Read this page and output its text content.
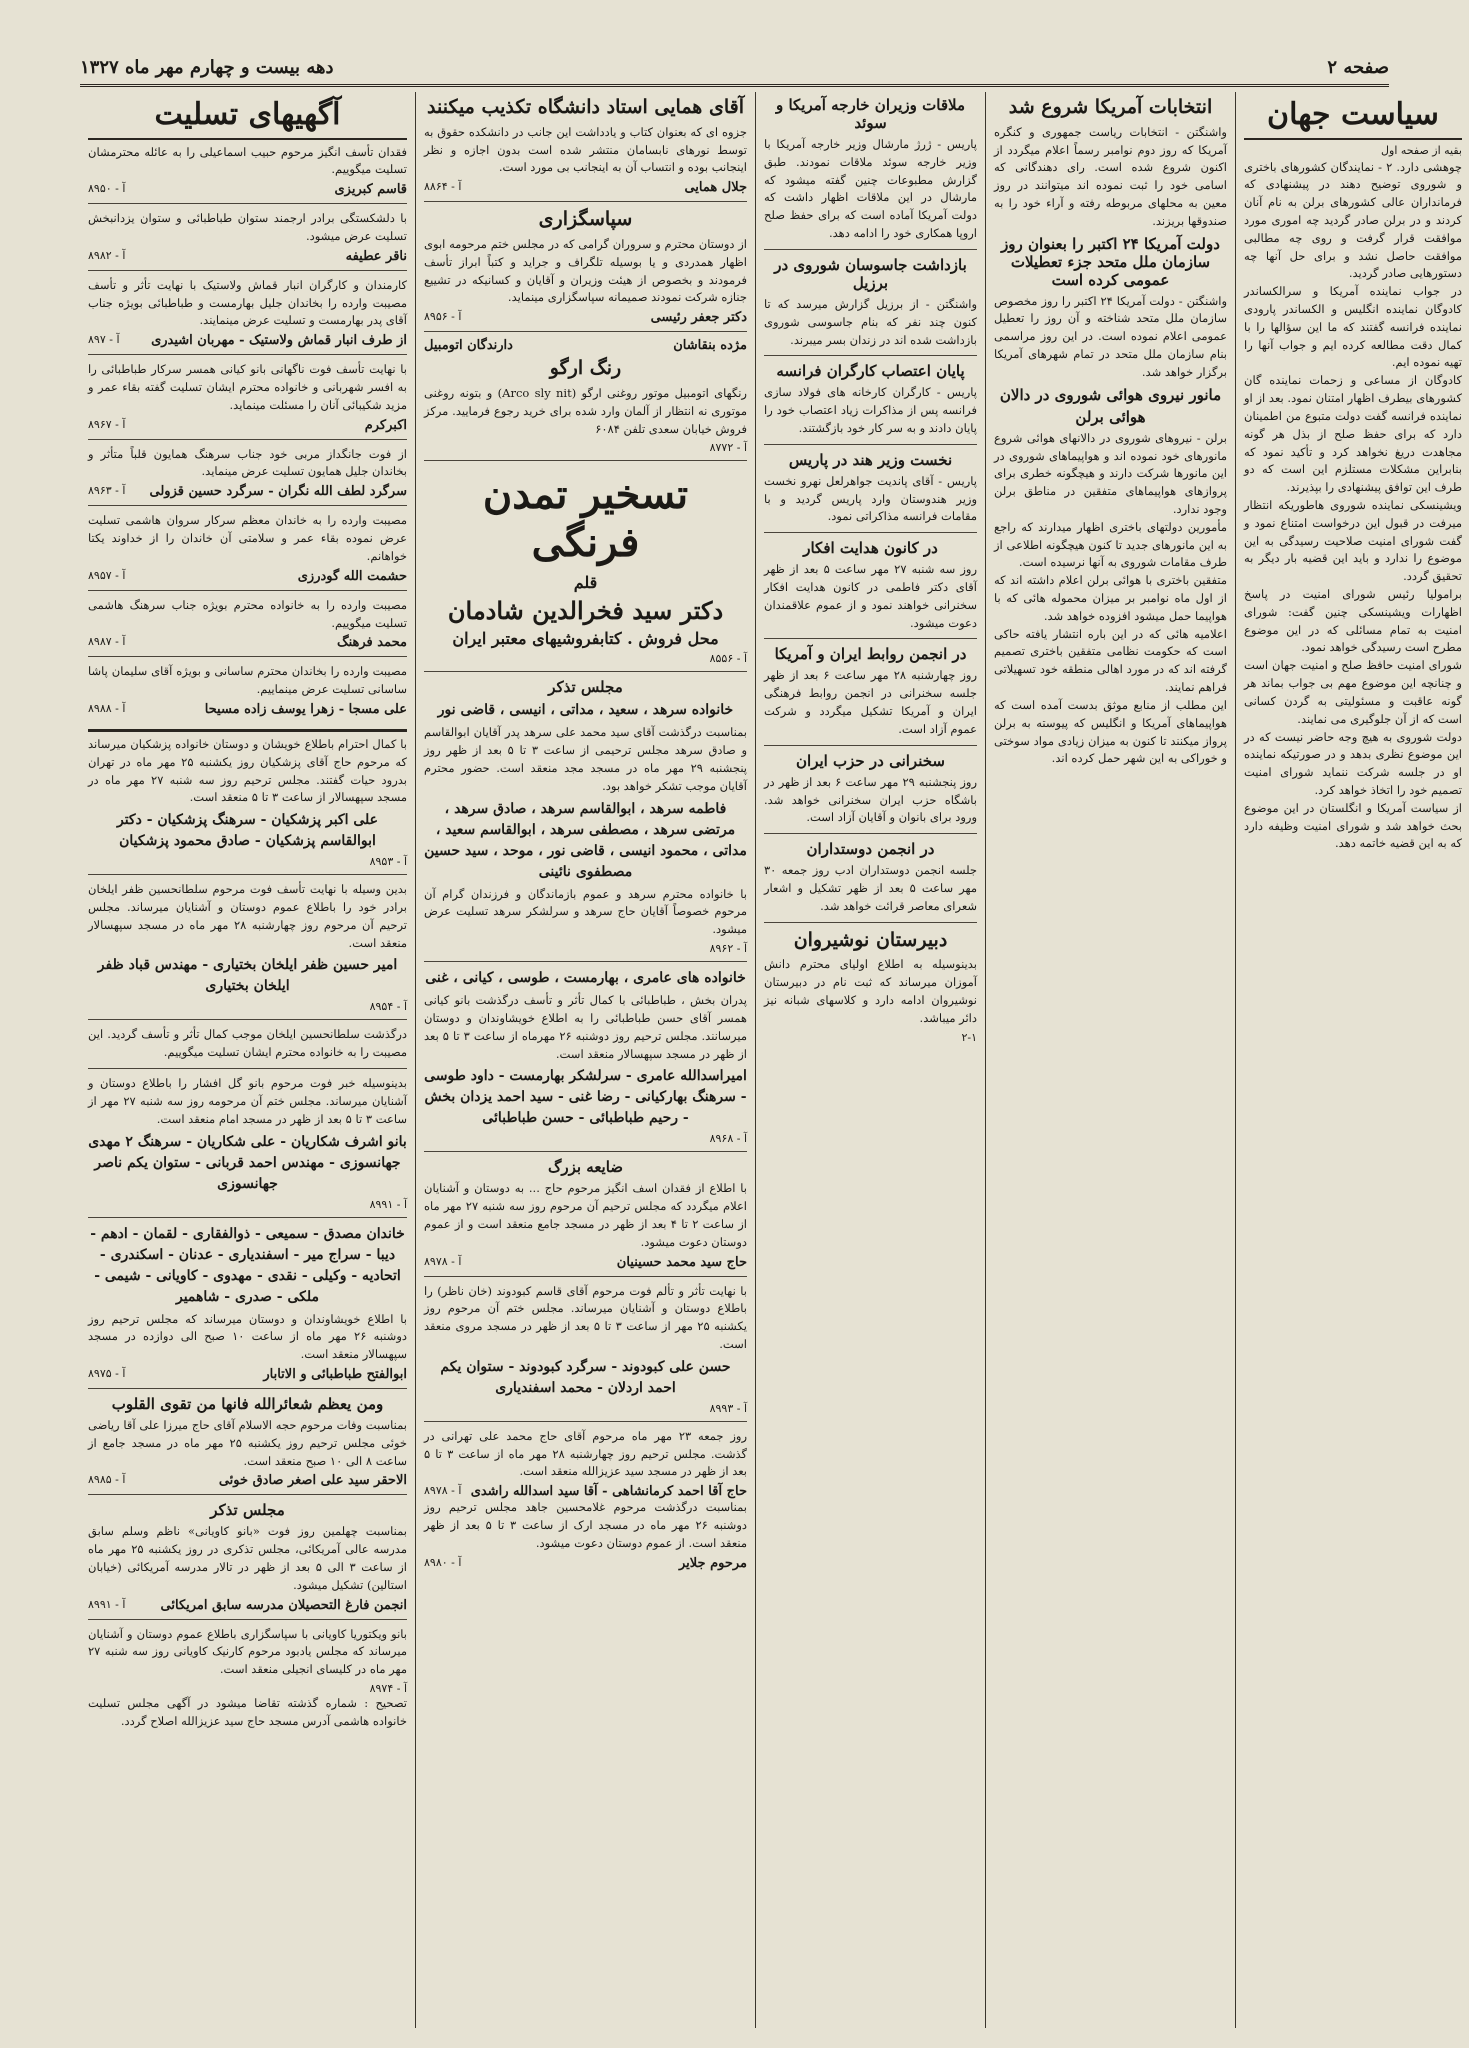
صفحه ۲
دهه بیست و چهارم مهر ماه ۱۳۲۷
سیاست جهان
بقیه از صفحه اول

چوهشی دارد. ۲ - نمایندگان کشورهای باختری و شوروی توضیح دهند در پیشنهادی که فرمانداران عالی کشورهای برلن به نام آنان کردند و در برلن صادر گردید چه اموری مورد موافقت قرار گرفت و روی چه مطالبی موافقت حاصل نشد و برای حل آنها چه دستورهایی صادر گردید.

در جواب نماینده آمریکا و سرالکساندر کادوگان نماینده انگلیس و الکساندر پارودی نماینده فرانسه گفتند که ما این سؤالها را با کمال دقت مطالعه کرده ایم و جواب آنها را تهیه نموده ایم.

کادوگان از مساعی و زحمات نماینده گان کشورهای بیطرف اظهار امتنان نمود. بعد از او نماینده فرانسه گفت دولت متبوع من اطمینان دارد که برای حفظ صلح از بذل هر گونه مجاهدت دریغ نخواهد کرد و تأکید نمود که بنابراین مشکلات مستلزم این است که دو طرف این توافق پیشنهادی را بپذیرند.

ویشینسکی نماینده شوروی هاطوریکه انتظار میرفت در قبول این درخواست امتناع نمود و گفت شورای امنیت صلاحیت رسیدگی به این موضوع را ندارد و باید این قضیه بار دیگر به تحقیق گردد.

برامولیا رئیس شورای امنیت در پاسخ اظهارات ویشینسکی چنین گفت: شورای امنیت به تمام مسائلی که در این موضوع مطرح است رسیدگی خواهد نمود.

شورای امنیت حافظ صلح و امنیت جهان است و چنانچه این موضوع مهم بی جواب بماند هر گونه عاقبت و مسئولیتی به گردن کسانی است که از آن جلوگیری می نمایند.

دولت شوروی به هیچ وجه حاضر نیست که در این موضوع نظری بدهد و در صورتیکه نماینده او در جلسه شرکت ننماید شورای امنیت تصمیم خود را اتخاذ خواهد کرد.

از سیاست آمریکا و انگلستان در این موضوع بحث خواهد شد و شورای امنیت وظیفه دارد که به این قضیه خاتمه دهد.

انتخابات آمریکا شروع شد

واشنگتن - انتخابات ریاست جمهوری و کنگره آمریکا که روز دوم نوامبر رسماً اعلام میگردد از اکنون شروع شده است. رای دهندگانی که اسامی خود را ثبت نموده اند میتوانند در روز معین به محلهای مربوطه رفته و آراء خود را به صندوقها بریزند.

دولت آمریکا ۲۴ اکتبر را بعنوان روز سازمان ملل متحد جزء تعطیلات عمومی کرده است

واشنگتن - دولت آمریکا ۲۴ اکتبر را روز مخصوص سازمان ملل متحد شناخته و آن روز را تعطیل عمومی اعلام نموده است. در این روز مراسمی بنام سازمان ملل متحد در تمام شهرهای آمریکا برگزار خواهد شد.

مانور نیروی هوائی شوروی در دالان
هوائی برلن

برلن - نیروهای شوروی در دالانهای هوائی شروع مانورهای خود نموده اند و هواپیماهای شوروی در این مانورها شرکت دارند و هیچگونه خطری برای پروازهای هواپیماهای متفقین در مناطق برلن وجود ندارد.

مأمورین دولتهای باختری اظهار میدارند که راجع به این مانورهای جدید تا کنون هیچگونه اطلاعی از طرف مقامات شوروی به آنها نرسیده است.

متفقین باختری با هوائی برلن اعلام داشته اند که از اول ماه نوامبر بر میزان محموله هائی که با هواپیما حمل میشود افزوده خواهد شد.

اعلامیه هائی که در این باره انتشار یافته حاکی است که حکومت نظامی متفقین باختری تصمیم گرفته اند که در مورد اهالی منطقه خود تسهیلاتی فراهم نمایند.

این مطلب از منابع موثق بدست آمده است که هواپیماهای آمریکا و انگلیس که پیوسته به برلن پرواز میکنند تا کنون به میزان زیادی مواد سوختی و خوراکی به این شهر حمل کرده اند.

ملاقات وزیران خارجه آمریکا و سوئد

پاریس - ژرژ مارشال وزیر خارجه آمریکا با وزیر خارجه سوئد ملاقات نمودند. طبق گزارش مطبوعات چنین گفته میشود که مارشال در این ملاقات اظهار داشت که دولت آمریکا آماده است که برای حفظ صلح اروپا همکاری خود را ادامه دهد.

بازداشت جاسوسان شوروی در برزیل

واشنگتن - از برزیل گزارش میرسد که تا کنون چند نفر که بنام جاسوسی شوروی بازداشت شده اند در زندان بسر میبرند.

پایان اعتصاب کارگران فرانسه

پاریس - کارگران کارخانه های فولاد سازی فرانسه پس از مذاکرات زیاد اعتصاب خود را پایان دادند و به سر کار خود بازگشتند.

نخست وزیر هند در پاریس

پاریس - آقای پاندیت جواهرلعل نهرو نخست وزیر هندوستان وارد پاریس گردید و با مقامات فرانسه مذاکراتی نمود.

در کانون هدایت افکار

روز سه شنبه ۲۷ مهر ساعت ۵ بعد از ظهر آقای دکتر فاطمی در کانون هدایت افکار سخنرانی خواهند نمود و از عموم علاقمندان دعوت میشود.

در انجمن روابط ایران و آمریکا

روز چهارشنبه ۲۸ مهر ساعت ۶ بعد از ظهر جلسه سخنرانی در انجمن روابط فرهنگی ایران و آمریکا تشکیل میگردد و شرکت عموم آزاد است.

سخنرانی در حزب ایران

روز پنجشنبه ۲۹ مهر ساعت ۶ بعد از ظهر در باشگاه حزب ایران سخنرانی خواهد شد. ورود برای بانوان و آقایان آزاد است.

در انجمن دوستداران

جلسه انجمن دوستداران ادب روز جمعه ۳۰ مهر ساعت ۵ بعد از ظهر تشکیل و اشعار شعرای معاصر قرائت خواهد شد.

دبیرستان نوشیروان

بدینوسیله به اطلاع اولیای محترم دانش آموزان میرساند که ثبت نام در دبیرستان نوشیروان ادامه دارد و کلاسهای شبانه نیز دائر میباشد.

۲-۱
آقای همایی استاد دانشگاه تکذیب میکنند

جزوه ای که بعنوان کتاب و یادداشت این جانب در دانشکده حقوق به توسط نورهای نابسامان منتشر شده است بدون اجازه و نظر اینجانب بوده و انتساب آن به اینجانب بی مورد است.

جلال همایی
۸۸۶۴ - آ
سپاسگزاری

از دوستان محترم و سروران گرامی که در مجلس ختم مرحومه ابوی اظهار همدردی و یا بوسیله تلگراف و جراید و کتباً ابراز تأسف فرمودند و بخصوص از هیئت وزیران و آقایان و کسانیکه در تشییع جنازه شرکت نمودند صمیمانه سپاسگزاری مینماید.

دکتر جعفر رئیسی
۸۹۵۶ - آ
مژده بنقاشان
دارندگان اتومبیل
رنگ ارگو

رنگهای اتومبیل موتور روغنی ارگو (Arco sly nit) و بتونه روغنی موتوری نه انتظار از آلمان وارد شده برای خرید رجوع فرمایید. مرکز فروش خیابان سعدی تلفن ۶۰۸۴

۸۷۷۲ - آ
تسخیر تمدن فرنگی
قلم
دکتر سید فخرالدین شادمان
محل فروش . کتابفروشیهای معتبر ایران
۸۵۵۶ - آ
مجلس تذکر
خانواده سرهد ، سعید ، مداتی ، انیسی ، قاضی نور

بمناسبت درگذشت آقای سید محمد علی سرهد پدر آقایان ابوالقاسم و صادق سرهد مجلس ترحیمی از ساعت ۳ تا ۵ بعد از ظهر روز پنجشنبه ۲۹ مهر ماه در مسجد مجد منعقد است. حضور محترم آقایان موجب تشکر خواهد بود.

فاطمه سرهد ، ابوالقاسم سرهد ، صادق سرهد ، مرتضی سرهد ، مصطفی سرهد ، ابوالقاسم سعید ، مداتی ، محمود انیسی ، قاضی نور ، موحد ، سید حسین مصطفوی نائینی

با خانواده محترم سرهد و عموم بازماندگان و فرزندان گرام آن مرحوم خصوصاً آقایان حاج سرهد و سرلشکر سرهد تسلیت عرض میشود.

۸۹۶۲ - آ
خانواده های عامری ، بهارمست ، طوسی ، کیانی ، غنی

پدران بخش ، طباطبائی با کمال تأثر و تأسف درگذشت بانو کیانی همسر آقای حسن طباطبائی را به اطلاع خویشاوندان و دوستان میرسانند. مجلس ترحیم روز دوشنبه ۲۶ مهرماه از ساعت ۳ تا ۵ بعد از ظهر در مسجد سپهسالار منعقد است.

امیراسدالله عامری - سرلشکر بهارمست - داود طوسی - سرهنگ بهارکیانی - رضا غنی - سید احمد یزدان بخش - رحیم طباطبائی - حسن طباطبائی
۸۹۶۸ - آ
ضایعه بزرگ

با اطلاع از فقدان اسف انگیز مرحوم حاج ... به دوستان و آشنایان اعلام میگردد که مجلس ترحیم آن مرحوم روز سه شنبه ۲۷ مهر ماه از ساعت ۲ تا ۴ بعد از ظهر در مسجد جامع منعقد است و از عموم دوستان دعوت میشود.

حاج سید محمد حسینیان
۸۹۷۸ - آ

با نهایت تأثر و تألم فوت مرحوم آقای قاسم کبودوند (خان ناظر) را باطلاع دوستان و آشنایان میرساند. مجلس ختم آن مرحوم روز یکشنبه ۲۵ مهر از ساعت ۳ تا ۵ بعد از ظهر در مسجد مروی منعقد است.

حسن علی کبودوند - سرگرد کبودوند - ستوان یکم احمد اردلان - محمد اسفندیاری
۸۹۹۳ - آ

روز جمعه ۲۳ مهر ماه مرحوم آقای حاج محمد علی تهرانی در گذشت. مجلس ترحیم روز چهارشنبه ۲۸ مهر ماه از ساعت ۳ تا ۵ بعد از ظهر در مسجد سید عزیزالله منعقد است.

حاج آقا احمد کرمانشاهی - آقا سید اسدالله راشدی
۸۹۷۸ - آ

بمناسبت درگذشت مرحوم غلامحسین جاهد مجلس ترحیم روز دوشنبه ۲۶ مهر ماه در مسجد ارک از ساعت ۳ تا ۵ بعد از ظهر منعقد است. از عموم دوستان دعوت میشود.

مرحوم جلایر
۸۹۸۰ - آ
آگهیهای تسلیت

فقدان تأسف انگیز مرحوم حبیب اسماعیلی را به عائله محترمشان تسلیت میگوییم.

قاسم کبریزی
۸۹۵۰ - آ

با دلشکستگی برادر ارجمند ستوان طباطبائی و ستوان یزدانبخش تسلیت عرض میشود.

ناقر عطیفه
۸۹۸۲ - آ

کارمندان و کارگران انبار قماش ولاستیک با نهایت تأثر و تأسف مصیبت وارده را بخاندان جلیل بهارمست و طباطبائی بویژه جناب آقای پدر بهارمست و تسلیت عرض مینمایند.

از طرف انبار قماش ولاستیک - مهربان اشیدری
۸۹۷ - آ

با نهایت تأسف فوت ناگهانی بانو کیانی همسر سرکار طباطبائی را به افسر شهربانی و خانواده محترم ایشان تسلیت گفته بقاء عمر و مزید شکیبائی آنان را مسئلت مینماید.

اکبرکرم
۸۹۶۷ - آ

از فوت جانگداز مربی خود جناب سرهنگ همایون قلباً متأثر و بخاندان جلیل همایون تسلیت عرض مینماید.

سرگرد لطف الله نگران - سرگرد حسین قزولی
۸۹۶۳ - آ

مصیبت وارده را به خاندان معظم سرکار سروان هاشمی تسلیت عرض نموده بقاء عمر و سلامتی آن خاندان را از خداوند یکتا خواهانم.

حشمت الله گودرزی
۸۹۵۷ - آ

مصیبت وارده را به خانواده محترم بویژه جناب سرهنگ هاشمی تسلیت میگوییم.

محمد فرهنگ
۸۹۸۷ - آ

مصیبت وارده را بخاندان محترم ساسانی و بویژه آقای سلیمان پاشا ساسانی تسلیت عرض مینماییم.

علی مسجا - زهرا یوسف زاده مسیحا
۸۹۸۸ - آ

با کمال احترام باطلاع خویشان و دوستان خانواده پزشکیان میرساند که مرحوم حاج آقای پزشکیان روز یکشنبه ۲۵ مهر ماه در تهران بدرود حیات گفتند. مجلس ترحیم روز سه شنبه ۲۷ مهر ماه در مسجد سپهسالار از ساعت ۳ تا ۵ منعقد است.

علی اکبر پزشکیان - سرهنگ پزشکیان - دکتر ابوالقاسم پزشکیان - صادق محمود پزشکیان
۸۹۵۳ - آ

بدین وسیله با نهایت تأسف فوت مرحوم سلطانحسین ظفر ایلخان برادر خود را باطلاع عموم دوستان و آشنایان میرساند. مجلس ترحیم آن مرحوم روز چهارشنبه ۲۸ مهر ماه در مسجد سپهسالار منعقد است.

امیر حسین ظفر ایلخان بختیاری - مهندس قباد ظفر ایلخان بختیاری
۸۹۵۴ - آ

درگذشت سلطانحسین ایلخان موجب کمال تأثر و تأسف گردید. این مصیبت را به خانواده محترم ایشان تسلیت میگوییم.

بدینوسیله خبر فوت مرحوم بانو گل افشار را باطلاع دوستان و آشنایان میرساند. مجلس ختم آن مرحومه روز سه شنبه ۲۷ مهر از ساعت ۳ تا ۵ بعد از ظهر در مسجد امام منعقد است.

بانو اشرف شکاریان - علی شکاریان - سرهنگ ۲ مهدی جهانسوزی - مهندس احمد قربانی - ستوان یکم ناصر جهانسوزی
۸۹۹۱ - آ
خاندان مصدق - سمیعی - ذوالفقاری - لقمان - ادهم - دیبا - سراج میر - اسفندیاری - عدنان - اسکندری - اتحادیه - وکیلی - نقدی - مهدوی - کاویانی - شیمی - ملکی - صدری - شاهمیر

با اطلاع خویشاوندان و دوستان میرساند که مجلس ترحیم روز دوشنبه ۲۶ مهر ماه از ساعت ۱۰ صبح الی دوازده در مسجد سپهسالار منعقد است.

ابوالفتح طباطبائی و الاتابار
۸۹۷۵ - آ
ومن یعظم شعائرالله فانها من تقوی القلوب

بمناسبت وفات مرحوم حجه الاسلام آقای حاج میرزا علی آقا ریاضی خوئی مجلس ترحیم روز یکشنبه ۲۵ مهر ماه در مسجد جامع از ساعت ۸ الی ۱۰ صبح منعقد است.

الاحقر سید علی اصغر صادق خوئی
۸۹۸۵ - آ
مجلس تذکر

بمناسبت چهلمین روز فوت «بانو کاویانی» ناظم وسلم سابق مدرسه عالی آمریکائی، مجلس تذکری در روز یکشنبه ۲۵ مهر ماه از ساعت ۳ الی ۵ بعد از ظهر در تالار مدرسه آمریکائی (خیابان استالین) تشکیل میشود.

انجمن فارغ التحصیلان مدرسه سابق امریکائی
۸۹۹۱ - آ

بانو ویکتوریا کاویانی با سپاسگزاری باطلاع عموم دوستان و آشنایان میرساند که مجلس یادبود مرحوم کارنیک کاویانی روز سه شنبه ۲۷ مهر ماه در کلیسای انجیلی منعقد است.

۸۹۷۴ - آ

تصحیح : شماره گذشته تقاضا میشود در آگهی مجلس تسلیت خانواده هاشمی آدرس مسجد حاج سید عزیزالله اصلاح گردد.
